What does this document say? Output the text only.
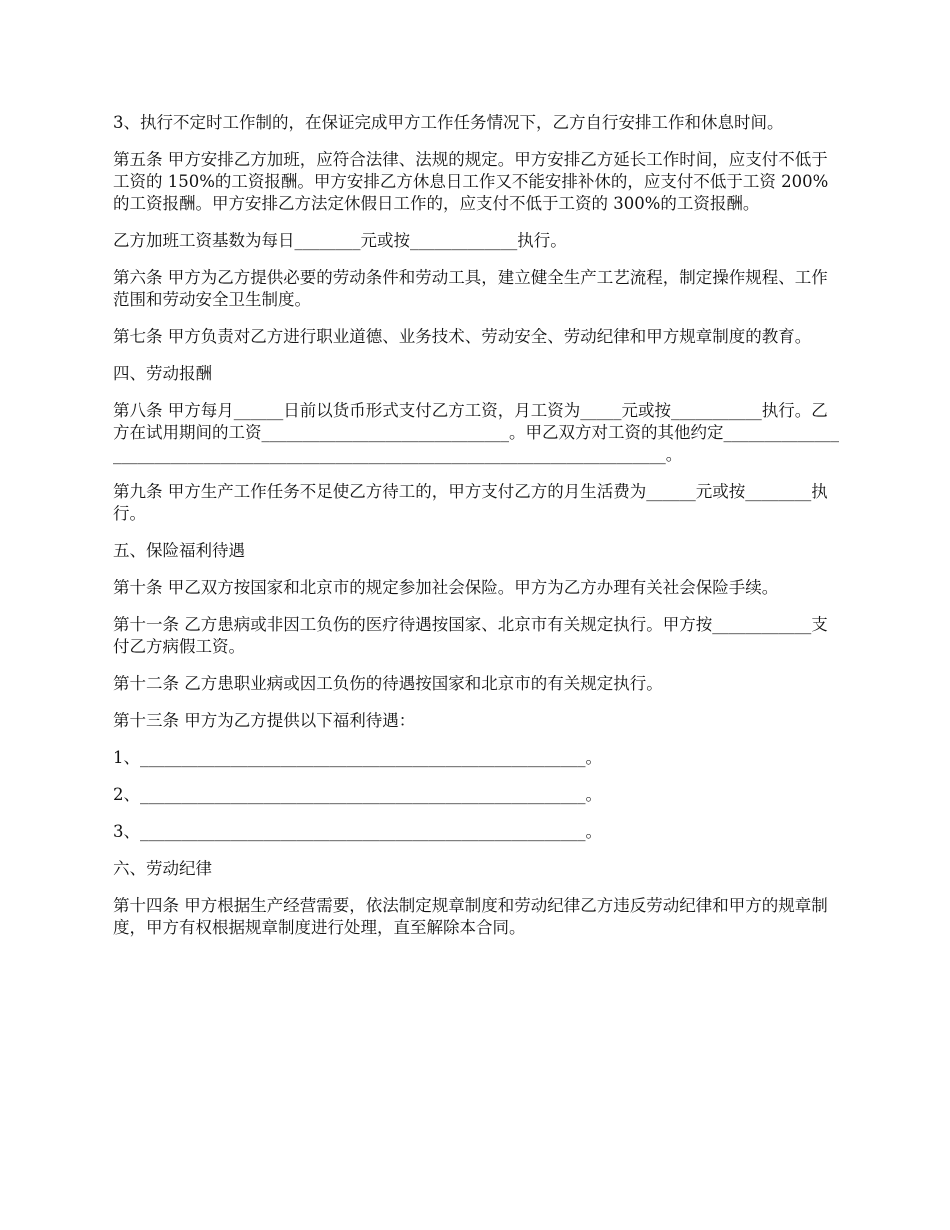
3、执行不定时工作制的，在保证完成甲方工作任务情况下，乙方自行安排工作和休息时间。

第五条 甲方安排乙方加班，应符合法律、法规的规定。甲方安排乙方延长工作时间，应支付不低于工资的 150%的工资报酬。甲方安排乙方休息日工作又不能安排补休的，应支付不低于工资 200%的工资报酬。甲方安排乙方法定休假日工作的，应支付不低于工资的 300%的工资报酬。

乙方加班工资基数为每日________元或按_____________执行。

第六条 甲方为乙方提供必要的劳动条件和劳动工具，建立健全生产工艺流程，制定操作规程、工作范围和劳动安全卫生制度。

第七条 甲方负责对乙方进行职业道德、业务技术、劳动安全、劳动纪律和甲方规章制度的教育。

四、劳动报酬

第八条 甲方每月______日前以货币形式支付乙方工资，月工资为_____元或按___________执行。乙方在试用期间的工资______________________________。甲乙双方对工资的其他约定_________________________________________________________________________________。

第九条 甲方生产工作任务不足使乙方待工的，甲方支付乙方的月生活费为______元或按________执行。

五、保险福利待遇

第十条 甲乙双方按国家和北京市的规定参加社会保险。甲方为乙方办理有关社会保险手续。

第十一条 乙方患病或非因工负伤的医疗待遇按国家、北京市有关规定执行。甲方按____________支付乙方病假工资。

第十二条 乙方患职业病或因工负伤的待遇按国家和北京市的有关规定执行。

第十三条 甲方为乙方提供以下福利待遇：

1、______________________________________________________。

2、______________________________________________________。

3、______________________________________________________。

六、劳动纪律

第十四条 甲方根据生产经营需要，依法制定规章制度和劳动纪律乙方违反劳动纪律和甲方的规章制度，甲方有权根据规章制度进行处理，直至解除本合同。
